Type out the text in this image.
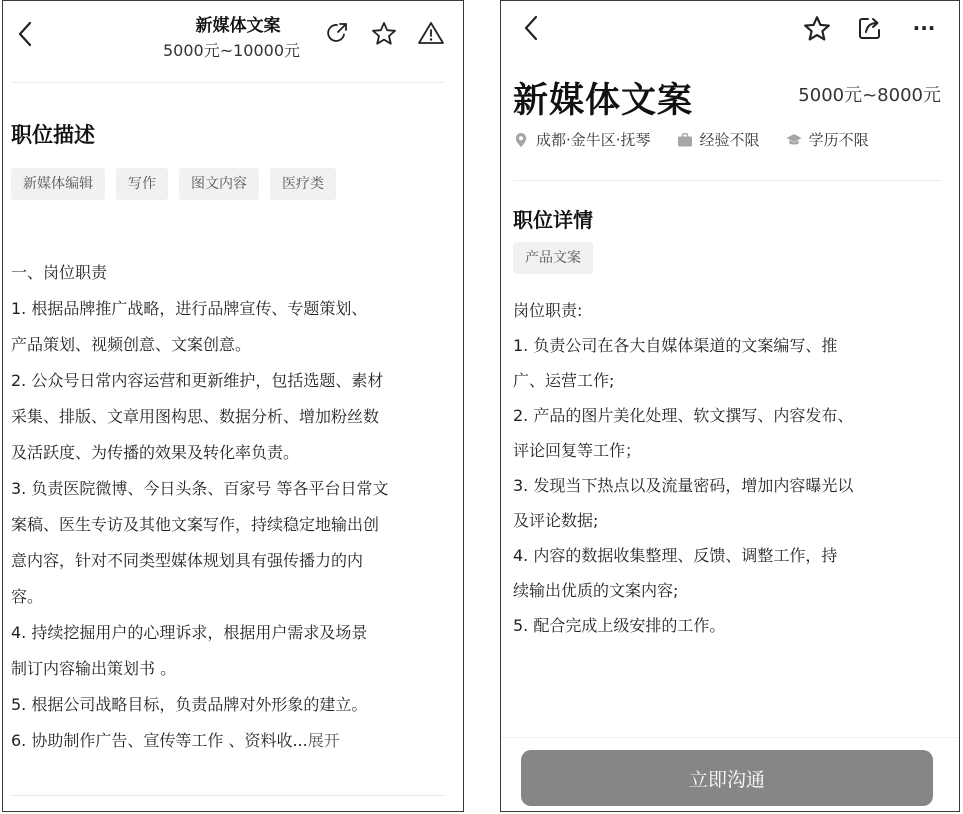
新媒体文案
5000元~10000元
职位描述
新媒体编辑	写作	图文内容	医疗类
一、岗位职责
1. 根据品牌推广战略，进行品牌宣传、专题策划、
产品策划、视频创意、文案创意。
2. 公众号日常内容运营和更新维护，包括选题、素材
采集、排版、文章用图构思、数据分析、增加粉丝数
及活跃度、为传播的效果及转化率负责。
3. 负责医院微博、今日头条、百家号 等各平台日常文
案稿、医生专访及其他文案写作，持续稳定地输出创
意内容，针对不同类型媒体规划具有强传播力的内
容。
4. 持续挖掘用户的心理诉求，根据用户需求及场景
制订内容输出策划书 。
5. 根据公司战略目标，负责品牌对外形象的建立。
6. 协助制作广告、宣传等工作 、资料收...展开
···
新媒体文案	5000元~8000元
成都·金牛区·抚琴	经验不限	学历不限
职位详情
产品文案
岗位职责:
1. 负责公司在各大自媒体渠道的文案编写、推
广、运营工作;
2. 产品的图片美化处理、软文撰写、内容发布、
评论回复等工作；
3. 发现当下热点以及流量密码，增加内容曝光以
及评论数据;
4. 内容的数据收集整理、反馈、调整工作，持
续输出优质的文案内容;
5. 配合完成上级安排的工作。
立即沟通
